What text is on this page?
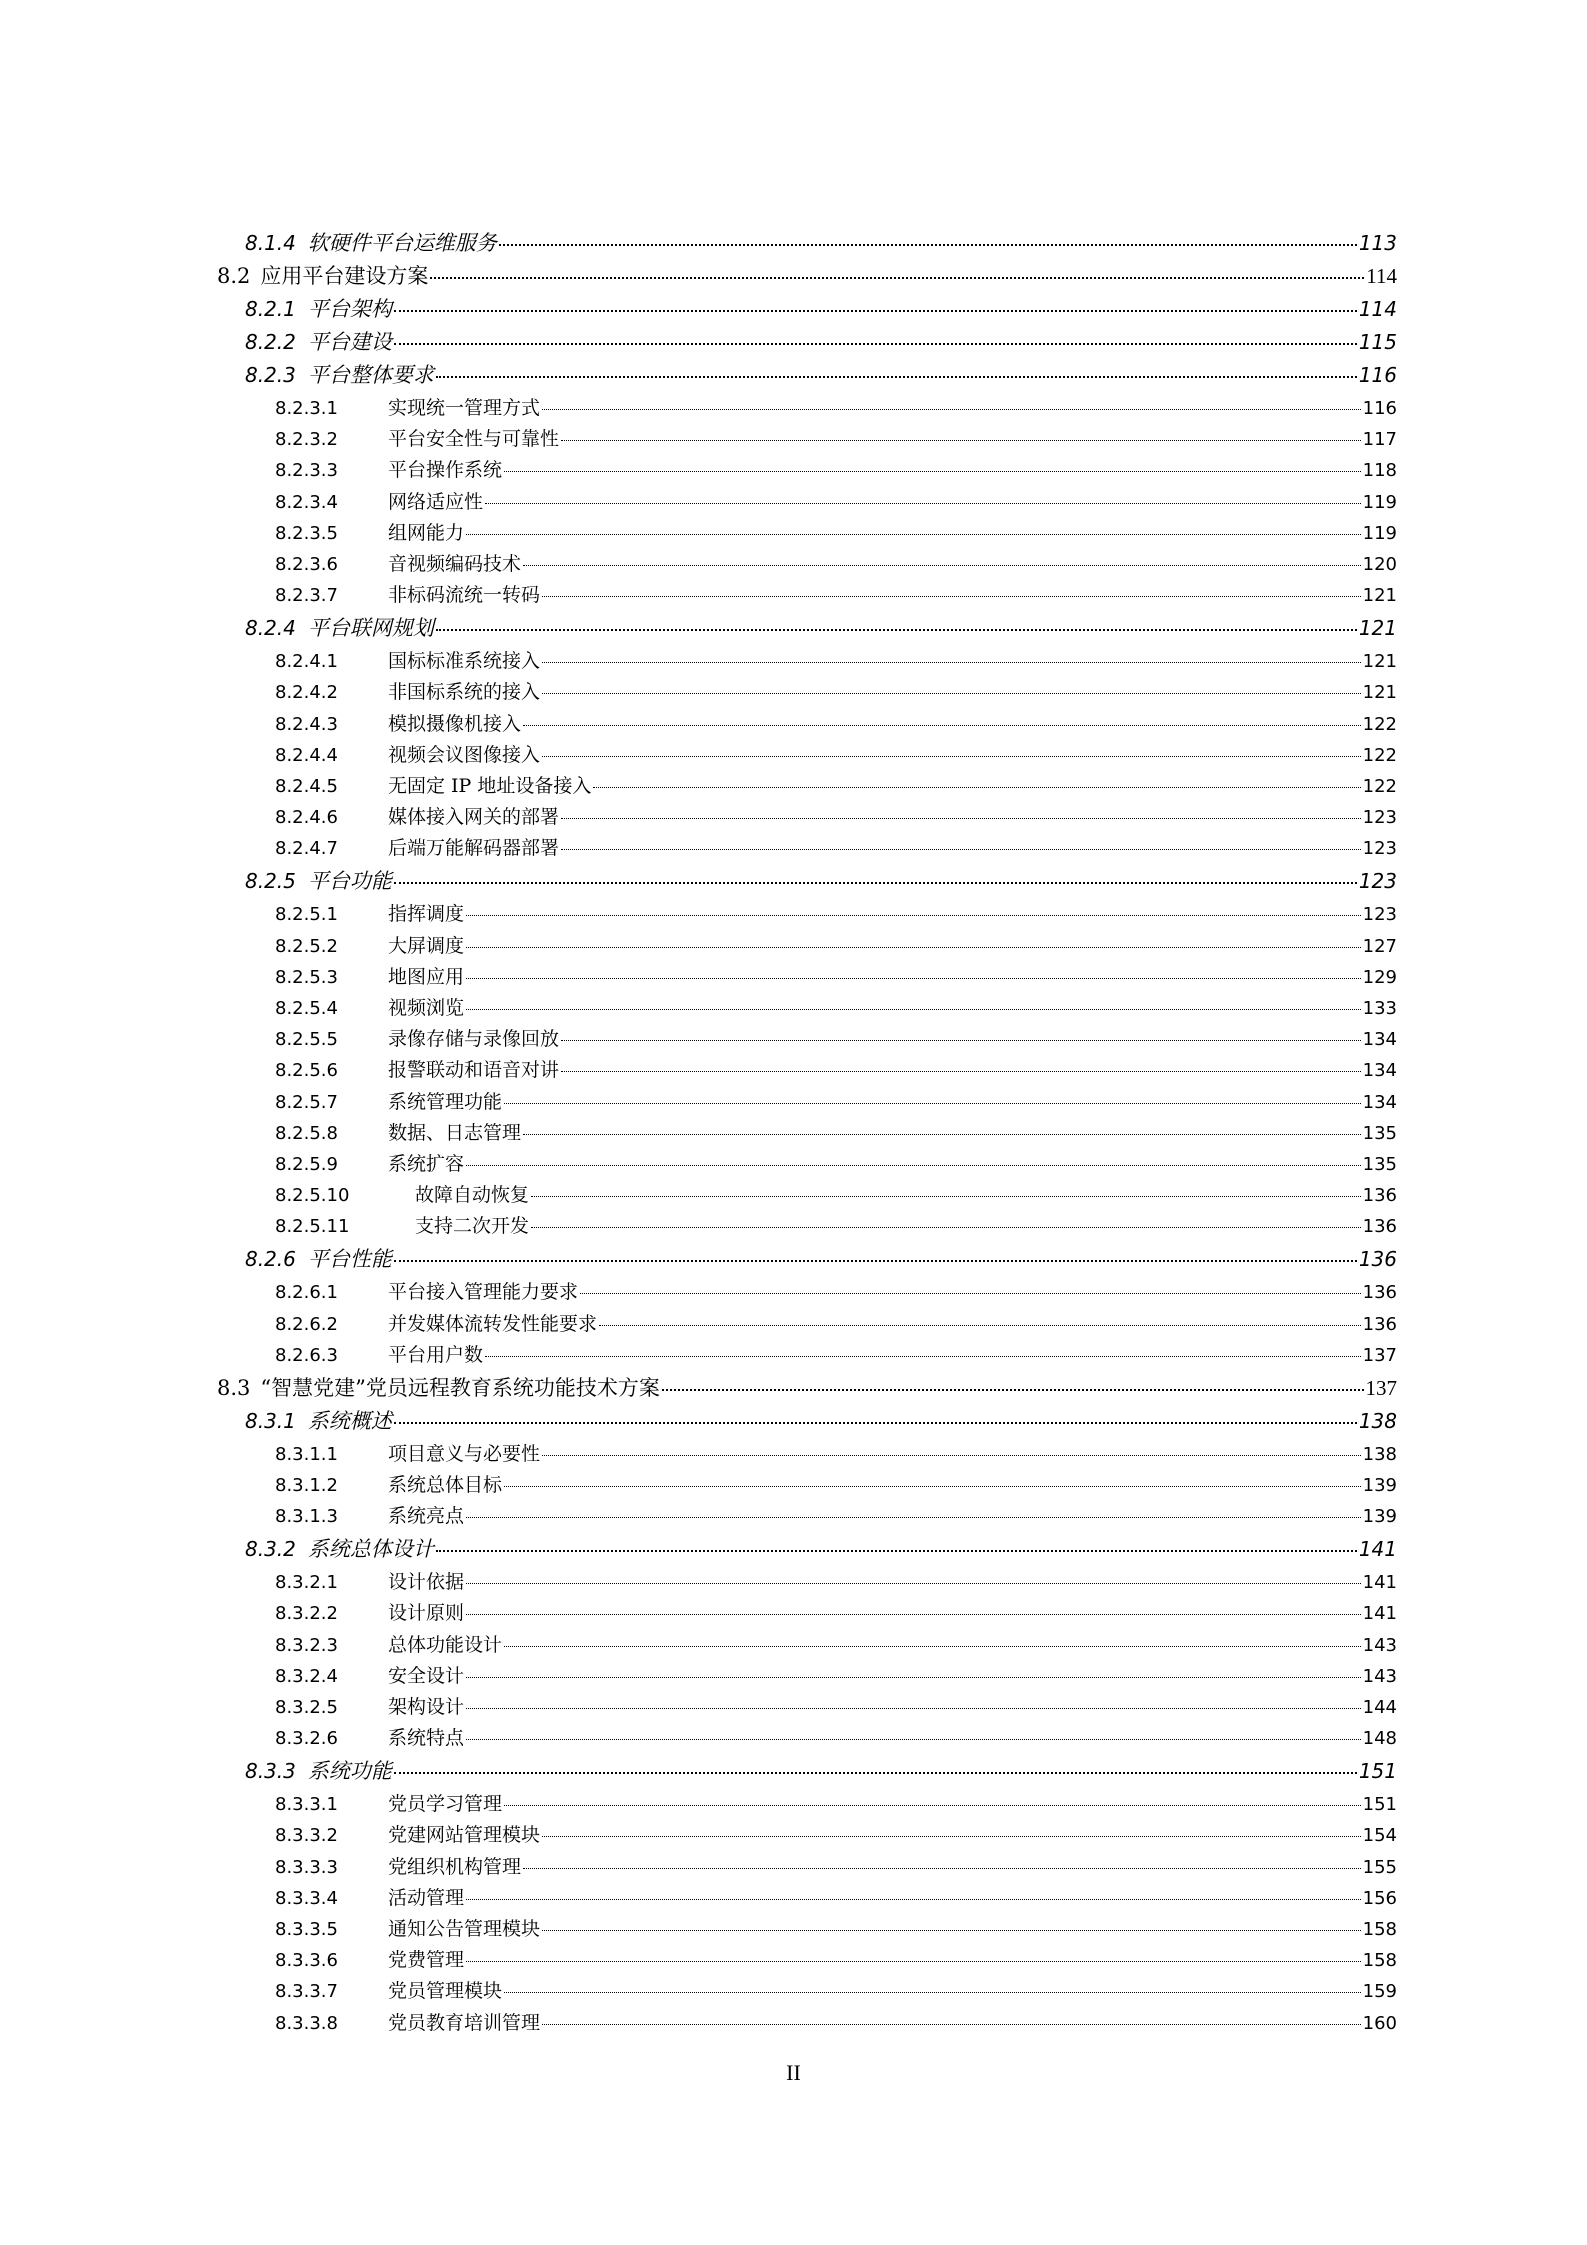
8.1.4 软硬件平台运维服务	113
8.2 应用平台建设方案	114
8.2.1 平台架构	114
8.2.2 平台建设	115
8.2.3 平台整体要求	116
8.2.3.1	实现统一管理方式	116
8.2.3.2	平台安全性与可靠性	117
8.2.3.3	平台操作系统	118
8.2.3.4	网络适应性	119
8.2.3.5	组网能力	119
8.2.3.6	音视频编码技术	120
8.2.3.7	非标码流统一转码	121
8.2.4 平台联网规划	121
8.2.4.1	国标标准系统接入	121
8.2.4.2	非国标系统的接入	121
8.2.4.3	模拟摄像机接入	122
8.2.4.4	视频会议图像接入	122
8.2.4.5	无固定 IP 地址设备接入	122
8.2.4.6	媒体接入网关的部署	123
8.2.4.7	后端万能解码器部署	123
8.2.5 平台功能	123
8.2.5.1	指挥调度	123
8.2.5.2	大屏调度	127
8.2.5.3	地图应用	129
8.2.5.4	视频浏览	133
8.2.5.5	录像存储与录像回放	134
8.2.5.6	报警联动和语音对讲	134
8.2.5.7	系统管理功能	134
8.2.5.8	数据、日志管理	135
8.2.5.9	系统扩容	135
8.2.5.10	故障自动恢复	136
8.2.5.11	支持二次开发	136
8.2.6 平台性能	136
8.2.6.1	平台接入管理能力要求	136
8.2.6.2	并发媒体流转发性能要求	136
8.2.6.3	平台用户数	137
8.3 “智慧党建”党员远程教育系统功能技术方案	137
8.3.1 系统概述	138
8.3.1.1	项目意义与必要性	138
8.3.1.2	系统总体目标	139
8.3.1.3	系统亮点	139
8.3.2 系统总体设计	141
8.3.2.1	设计依据	141
8.3.2.2	设计原则	141
8.3.2.3	总体功能设计	143
8.3.2.4	安全设计	143
8.3.2.5	架构设计	144
8.3.2.6	系统特点	148
8.3.3 系统功能	151
8.3.3.1	党员学习管理	151
8.3.3.2	党建网站管理模块	154
8.3.3.3	党组织机构管理	155
8.3.3.4	活动管理	156
8.3.3.5	通知公告管理模块	158
8.3.3.6	党费管理	158
8.3.3.7	党员管理模块	159
8.3.3.8	党员教育培训管理	160
II
